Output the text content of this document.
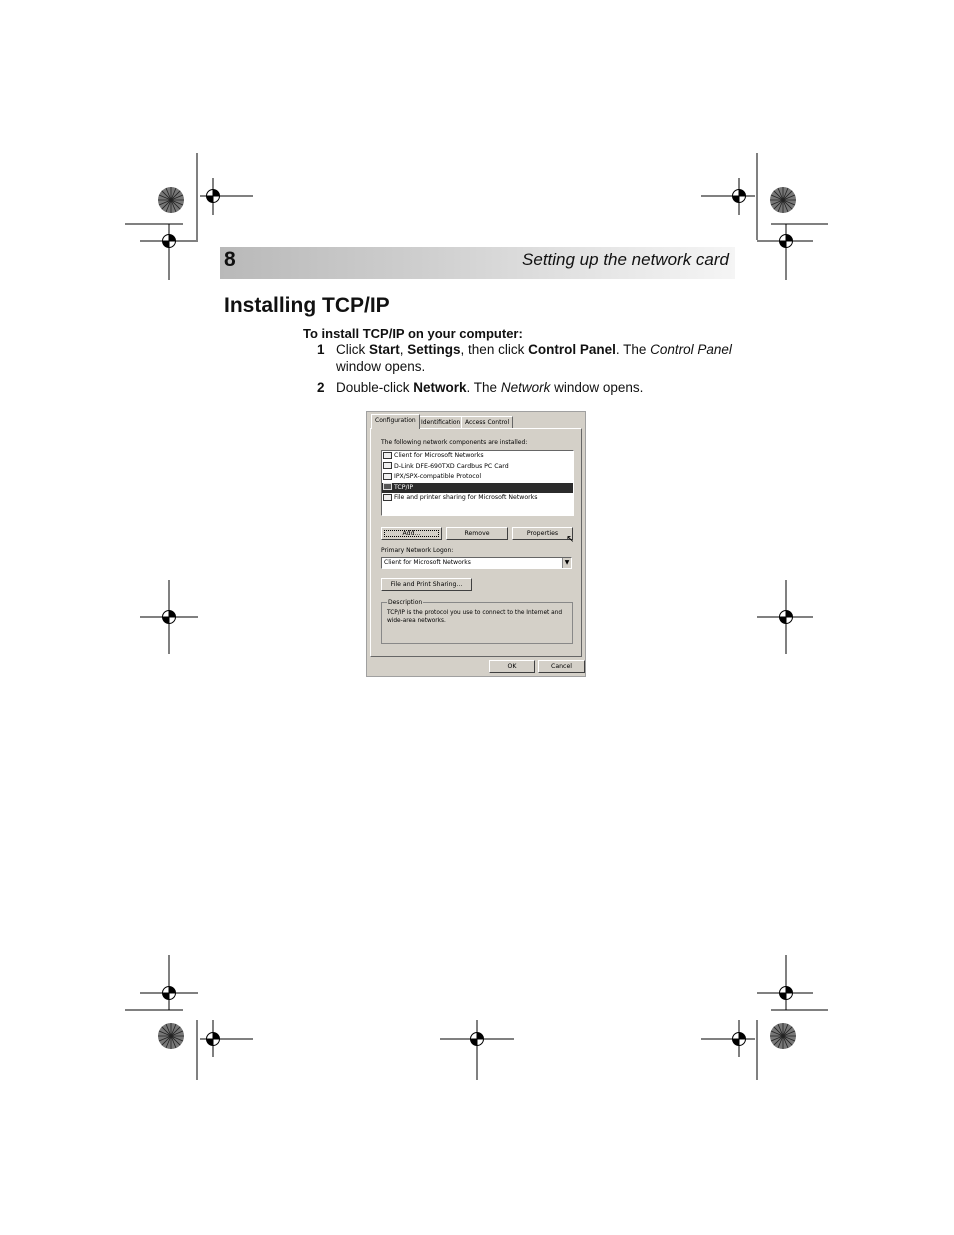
8	Setting up the network card
Installing TCP/IP
To install TCP/IP on your computer:
1 Click Start, Settings, then click Control Panel. The Control Panel window opens.
2 Double-click Network. The Network window opens.
Configuration Identification Access Control
The following network components are installed:
Client for Microsoft Networks
D-Link DFE-690TXD Cardbus PC Card
IPX/SPX-compatible Protocol
TCP/IP
File and printer sharing for Microsoft Networks
Add...	Remove	Properties
↖
Primary Network Logon:
Client for Microsoft Networks	▼
File and Print Sharing...
Description
TCP/IP is the protocol you use to connect to the Internet and wide-area networks.
OK	Cancel
